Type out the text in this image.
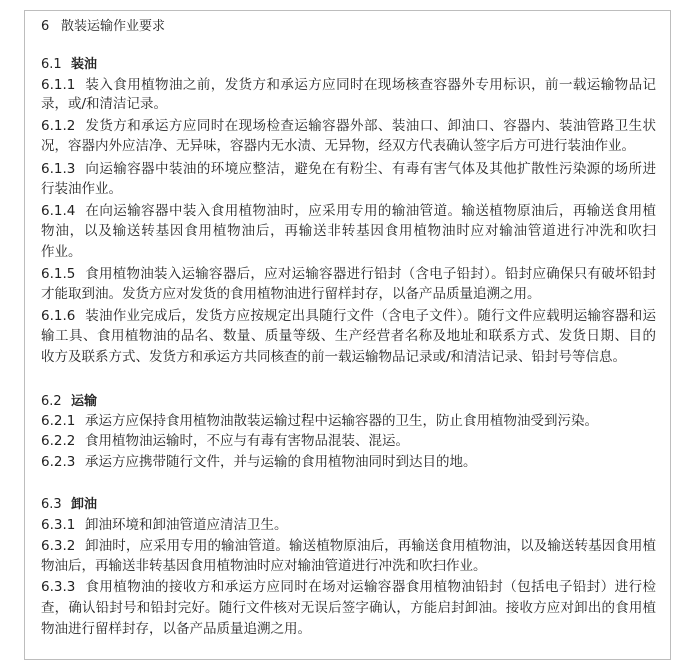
6 散装运输作业要求
6.1 装油
6.2 运输
6.3 卸油
6.1.1 装入食用植物油之前，发货方和承运方应同时在现场核查容器外专用标识，前一载运输物品记
录，或/和清洁记录。
6.1.2 发货方和承运方应同时在现场检查运输容器外部、装油口、卸油口、容器内、装油管路卫生状
况，容器内外应洁净、无异味，容器内无水渍、无异物，经双方代表确认签字后方可进行装油作业。
6.1.3 向运输容器中装油的环境应整洁，避免在有粉尘、有毒有害气体及其他扩散性污染源的场所进
行装油作业。
6.1.4 在向运输容器中装入食用植物油时，应采用专用的输油管道。输送植物原油后，再输送食用植
物油，以及输送转基因食用植物油后，再输送非转基因食用植物油时应对输油管道进行冲洗和吹扫
作业。
6.1.5 食用植物油装入运输容器后，应对运输容器进行铅封（含电子铅封）。铅封应确保只有破坏铅封
才能取到油。发货方应对发货的食用植物油进行留样封存，以备产品质量追溯之用。
6.1.6 装油作业完成后，发货方应按规定出具随行文件（含电子文件）。随行文件应载明运输容器和运
输工具、食用植物油的品名、数量、质量等级、生产经营者名称及地址和联系方式、发货日期、目的
收方及联系方式、发货方和承运方共同核查的前一载运输物品记录或/和清洁记录、铅封号等信息。
6.2.1 承运方应保持食用植物油散装运输过程中运输容器的卫生，防止食用植物油受到污染。
6.2.2 食用植物油运输时，不应与有毒有害物品混装、混运。
6.2.3 承运方应携带随行文件，并与运输的食用植物油同时到达目的地。
6.3.1 卸油环境和卸油管道应清洁卫生。
6.3.2 卸油时，应采用专用的输油管道。输送植物原油后，再输送食用植物油，以及输送转基因食用植
物油后，再输送非转基因食用植物油时应对输油管道进行冲洗和吹扫作业。
6.3.3 食用植物油的接收方和承运方应同时在场对运输容器食用植物油铅封（包括电子铅封）进行检
查，确认铅封号和铅封完好。随行文件核对无误后签字确认，方能启封卸油。接收方应对卸出的食用植
物油进行留样封存，以备产品质量追溯之用。
